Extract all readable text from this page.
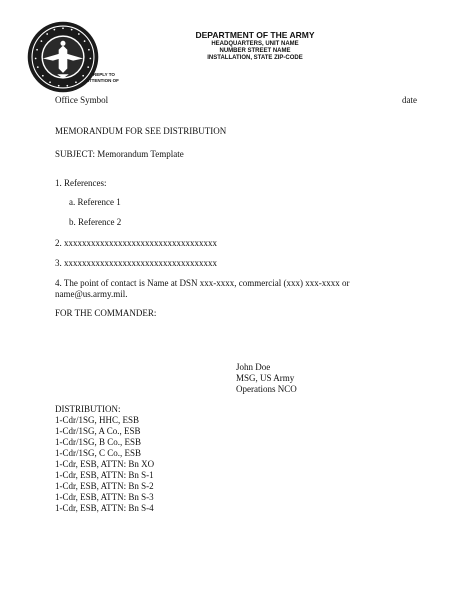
DEPARTMENT OF THE ARMY
HEADQUARTERS, UNIT NAME
NUMBER STREET NAME
INSTALLATION, STATE ZIP-CODE
REPLY TO
ATTENTION OF
Office Symbol	date
MEMORANDUM FOR SEE DISTRIBUTION
SUBJECT: Memorandum Template
1. References:
a. Reference 1
b. Reference 2
2. xxxxxxxxxxxxxxxxxxxxxxxxxxxxxxxxxx
3. xxxxxxxxxxxxxxxxxxxxxxxxxxxxxxxxxx
4. The point of contact is Name at DSN xxx-xxxx, commercial (xxx) xxx-xxxx or
name@us.army.mil.
FOR THE COMMANDER:
John Doe
MSG, US Army
Operations NCO
DISTRIBUTION:
1-Cdr/1SG, HHC, ESB
1-Cdr/1SG, A Co., ESB
1-Cdr/1SG, B Co., ESB
1-Cdr/1SG, C Co., ESB
1-Cdr, ESB, ATTN: Bn XO
1-Cdr, ESB, ATTN: Bn S-1
1-Cdr, ESB, ATTN: Bn S-2
1-Cdr, ESB, ATTN: Bn S-3
1-Cdr, ESB, ATTN: Bn S-4
